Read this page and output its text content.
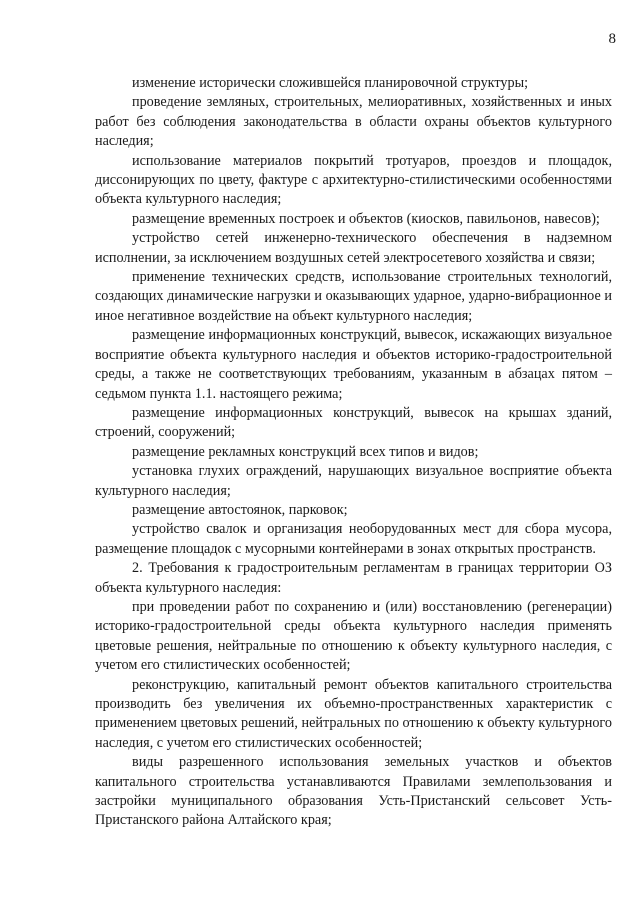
8

изменение исторически сложившейся планировочной структуры;

проведение земляных, строительных, мелиоративных, хозяйственных и иных работ без соблюдения законодательства в области охраны объектов культурного наследия;

использование материалов покрытий тротуаров, проездов и площадок, диссонирующих по цвету, фактуре с архитектурно-стилистическими особенностями объекта культурного наследия;

размещение временных построек и объектов (киосков, павильонов, навесов);

устройство сетей инженерно-технического обеспечения в надземном исполнении, за исключением воздушных сетей электросетевого хозяйства и связи;

применение технических средств, использование строительных технологий, создающих динамические нагрузки и оказывающих ударное, ударно-вибрационное и иное негативное воздействие на объект культурного наследия;

размещение информационных конструкций, вывесок, искажающих визуальное восприятие объекта культурного наследия и объектов историко-градостроительной среды, а также не соответствующих требованиям, указанным в абзацах пятом – седьмом пункта 1.1. настоящего режима;

размещение информационных конструкций, вывесок на крышах зданий, строений, сооружений;

размещение рекламных конструкций всех типов и видов;

установка глухих ограждений, нарушающих визуальное восприятие объекта культурного наследия;

размещение автостоянок, парковок;

устройство свалок и организация необорудованных мест для сбора мусора, размещение площадок с мусорными контейнерами в зонах открытых пространств.

2. Требования к градостроительным регламентам в границах территории ОЗ объекта культурного наследия:

при проведении работ по сохранению и (или) восстановлению (регенерации) историко-градостроительной среды объекта культурного наследия применять цветовые решения, нейтральные по отношению к объекту культурного наследия, с учетом его стилистических особенностей;

реконструкцию, капитальный ремонт объектов капитального строительства производить без увеличения их объемно-пространственных характеристик с применением цветовых решений, нейтральных по отношению к объекту культурного наследия, с учетом его стилистических особенностей;

виды разрешенного использования земельных участков и объектов капитального строительства устанавливаются Правилами землепользования и застройки муниципального образования Усть-Пристанский сельсовет Усть-Пристанского района Алтайского края;
